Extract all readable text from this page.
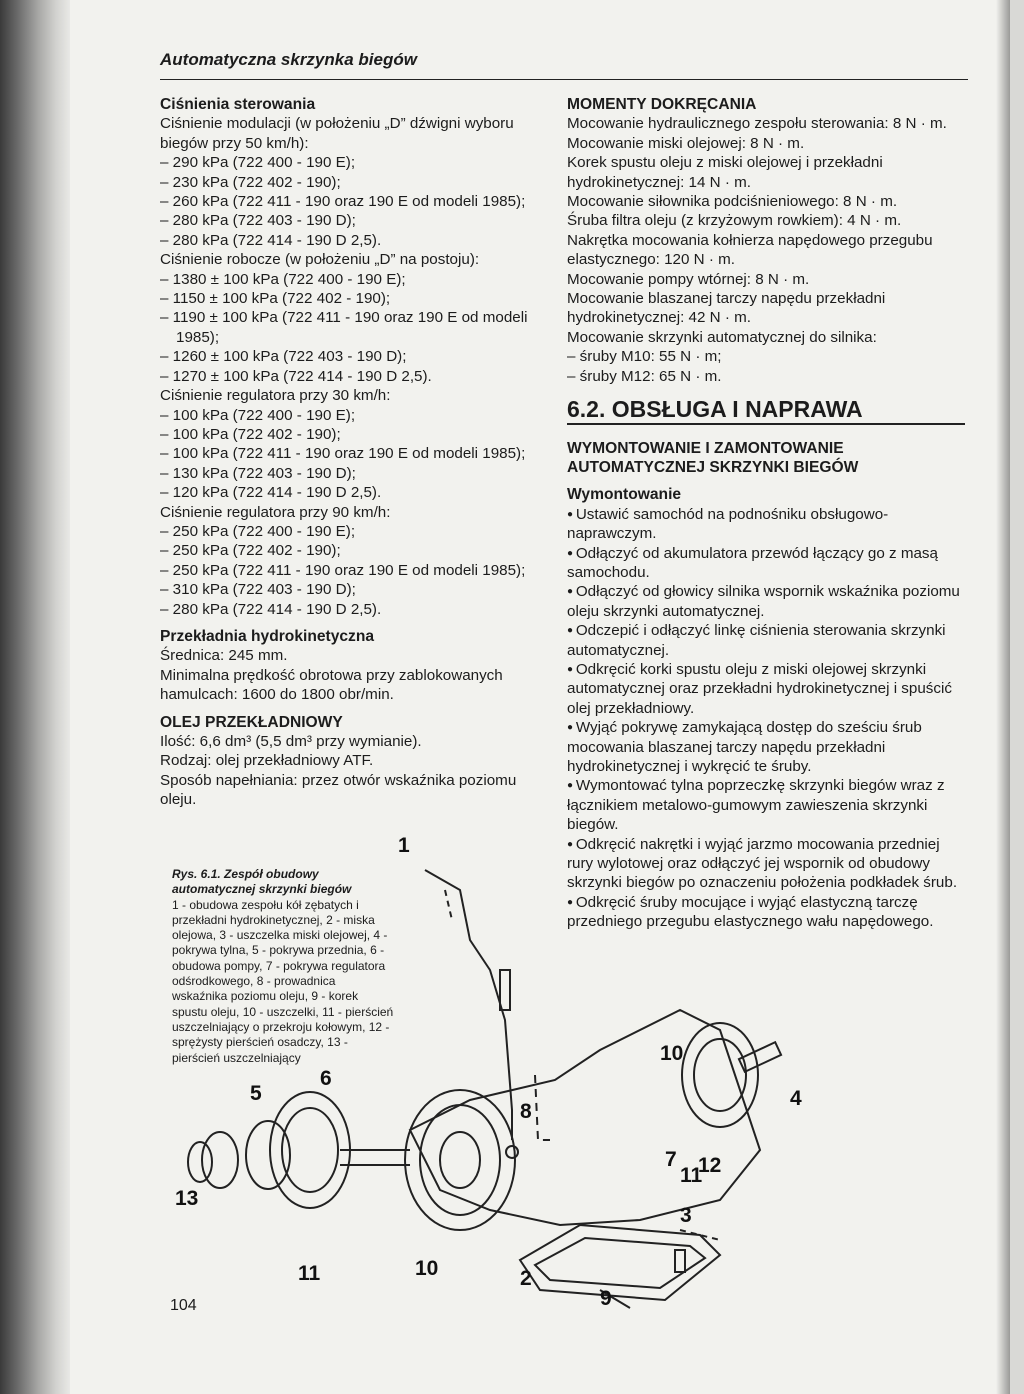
Automatyczna skrzynka biegów

Ciśnienia sterowania

Ciśnienie modulacji (w położeniu „D” dźwigni wyboru biegów przy 50 km/h):

– 290 kPa (722 400 - 190 E);
– 230 kPa (722 402 - 190);
– 260 kPa (722 411 - 190 oraz 190 E od modeli 1985);
– 280 kPa (722 403 - 190 D);
– 280 kPa (722 414 - 190 D 2,5).

Ciśnienie robocze (w położeniu „D” na postoju):

– 1380 ± 100 kPa (722 400 - 190 E);
– 1150 ± 100 kPa (722 402 - 190);
– 1190 ± 100 kPa (722 411 - 190 oraz 190 E od modeli 1985);
– 1260 ± 100 kPa (722 403 - 190 D);
– 1270 ± 100 kPa (722 414 - 190 D 2,5).

Ciśnienie regulatora przy 30 km/h:

– 100 kPa (722 400 - 190 E);
– 100 kPa (722 402 - 190);
– 100 kPa (722 411 - 190 oraz 190 E od modeli 1985);
– 130 kPa (722 403 - 190 D);
– 120 kPa (722 414 - 190 D 2,5).

Ciśnienie regulatora przy 90 km/h:

– 250 kPa (722 400 - 190 E);
– 250 kPa (722 402 - 190);
– 250 kPa (722 411 - 190 oraz 190 E od modeli 1985);
– 310 kPa (722 403 - 190 D);
– 280 kPa (722 414 - 190 D 2,5).

Przekładnia hydrokinetyczna

Średnica: 245 mm.

Minimalna prędkość obrotowa przy zablokowanych hamulcach: 1600 do 1800 obr/min.

OLEJ PRZEKŁADNIOWY

Ilość: 6,6 dm³ (5,5 dm³ przy wymianie).

Rodzaj: olej przekładniowy ATF.

Sposób napełniania: przez otwór wskaźnika poziomu oleju.

MOMENTY DOKRĘCANIA

Mocowanie hydraulicznego zespołu sterowania: 8 N · m.

Mocowanie miski olejowej: 8 N · m.

Korek spustu oleju z miski olejowej i przekładni hydrokinetycznej: 14 N · m.

Mocowanie siłownika podciśnieniowego: 8 N · m.

Śruba filtra oleju (z krzyżowym rowkiem): 4 N · m.

Nakrętka mocowania kołnierza napędowego przegubu elastycznego: 120 N · m.

Mocowanie pompy wtórnej: 8 N · m.

Mocowanie blaszanej tarczy napędu przekładni hydrokinetycznej: 42 N · m.

Mocowanie skrzynki automatycznej do silnika:

– śruby M10: 55 N · m;
– śruby M12: 65 N · m.

6.2. OBSŁUGA I NAPRAWA

WYMONTOWANIE I ZAMONTOWANIE AUTOMATYCZNEJ SKRZYNKI BIEGÓW

Wymontowanie

● Ustawić samochód na podnośniku obsługowo-naprawczym.
● Odłączyć od akumulatora przewód łączący go z masą samochodu.
● Odłączyć od głowicy silnika wspornik wskaźnika poziomu oleju skrzynki automatycznej.
● Odczepić i odłączyć linkę ciśnienia sterowania skrzynki automatycznej.
● Odkręcić korki spustu oleju z miski olejowej skrzynki automatycznej oraz przekładni hydrokinetycznej i spuścić olej przekładniowy.
● Wyjąć pokrywę zamykającą dostęp do sześciu śrub mocowania blaszanej tarczy napędu przekładni hydrokinetycznej i wykręcić te śruby.
● Wymontować tylna poprzeczkę skrzynki biegów wraz z łącznikiem metalowo-gumowym zawieszenia skrzynki biegów.
● Odkręcić nakrętki i wyjąć jarzmo mocowania przedniej rury wylotowej oraz odłączyć jej wspornik od obudowy skrzynki biegów po oznaczeniu położenia podkładek śrub.
● Odkręcić śruby mocujące i wyjąć elastyczną tarczę przedniego przegubu elastycznego wału napędowego.
1
2
3
4
5
6
7
8
9
10
10
11
11
12
13
Rys. 6.1. Zespół obudowy automatycznej skrzynki biegów
1 - obudowa zespołu kół zębatych i przekładni hydrokinetycznej, 2 - miska olejowa, 3 - uszczelka miski olejowej, 4 - pokrywa tylna, 5 - pokrywa przednia, 6 - obudowa pompy, 7 - pokrywa regulatora odśrodkowego, 8 - prowadnica wskaźnika poziomu oleju, 9 - korek spustu oleju, 10 - uszczelki, 11 - pierścień uszczelniający o przekroju kołowym, 12 - sprężysty pierścień osadczy, 13 - pierścień uszczelniający
104
